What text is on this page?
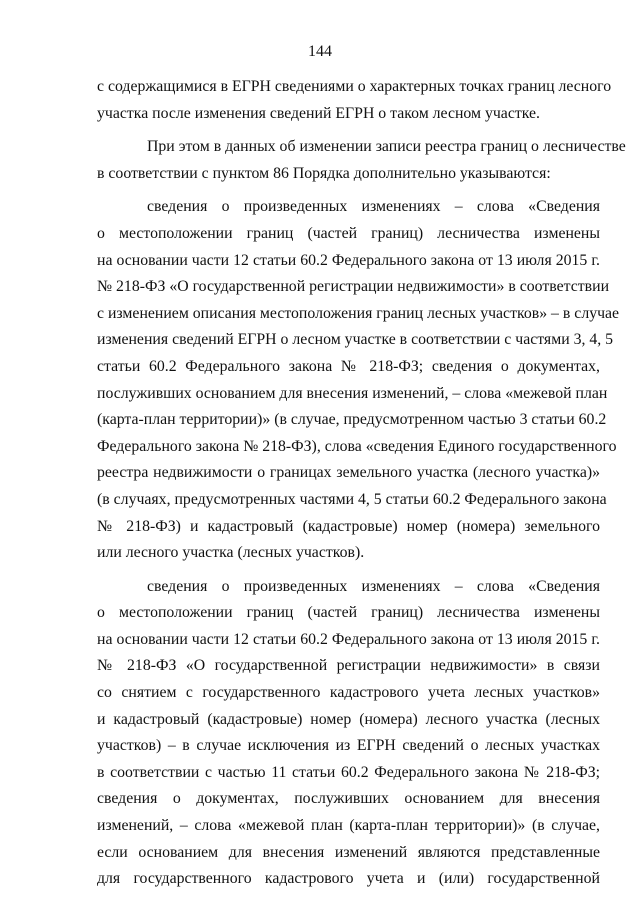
144
с содержащимися в ЕГРН сведениями о характерных точках границ лесного
участка после изменения сведений ЕГРН о таком лесном участке.
При этом в данных об изменении записи реестра границ о лесничестве
в соответствии с пунктом 86 Порядка дополнительно указываются:
сведения о произведенных изменениях – слова «Сведения
о местоположении границ (частей границ) лесничества изменены
на основании части 12 статьи 60.2 Федерального закона от 13 июля 2015 г.
№ 218-ФЗ «О государственной регистрации недвижимости» в соответствии
с изменением описания местоположения границ лесных участков» – в случае
изменения сведений ЕГРН о лесном участке в соответствии с частями 3, 4, 5
статьи 60.2 Федерального закона № 218-ФЗ; сведения о документах,
послуживших основанием для внесения изменений, – слова «межевой план
(карта-план территории)» (в случае, предусмотренном частью 3 статьи 60.2
Федерального закона № 218-ФЗ), слова «сведения Единого государственного
реестра недвижимости о границах земельного участка (лесного участка)»
(в случаях, предусмотренных частями 4, 5 статьи 60.2 Федерального закона
№ 218-ФЗ) и кадастровый (кадастровые) номер (номера) земельного
или лесного участка (лесных участков).
сведения о произведенных изменениях – слова «Сведения
о местоположении границ (частей границ) лесничества изменены
на основании части 12 статьи 60.2 Федерального закона от 13 июля 2015 г.
№ 218-ФЗ «О государственной регистрации недвижимости» в связи
со снятием с государственного кадастрового учета лесных участков»
и кадастровый (кадастровые) номер (номера) лесного участка (лесных
участков) – в случае исключения из ЕГРН сведений о лесных участках
в соответствии с частью 11 статьи 60.2 Федерального закона № 218-ФЗ;
сведения о документах, послуживших основанием для внесения
изменений, – слова «межевой план (карта-план территории)» (в случае,
если основанием для внесения изменений являются представленные
для государственного кадастрового учета и (или) государственной
